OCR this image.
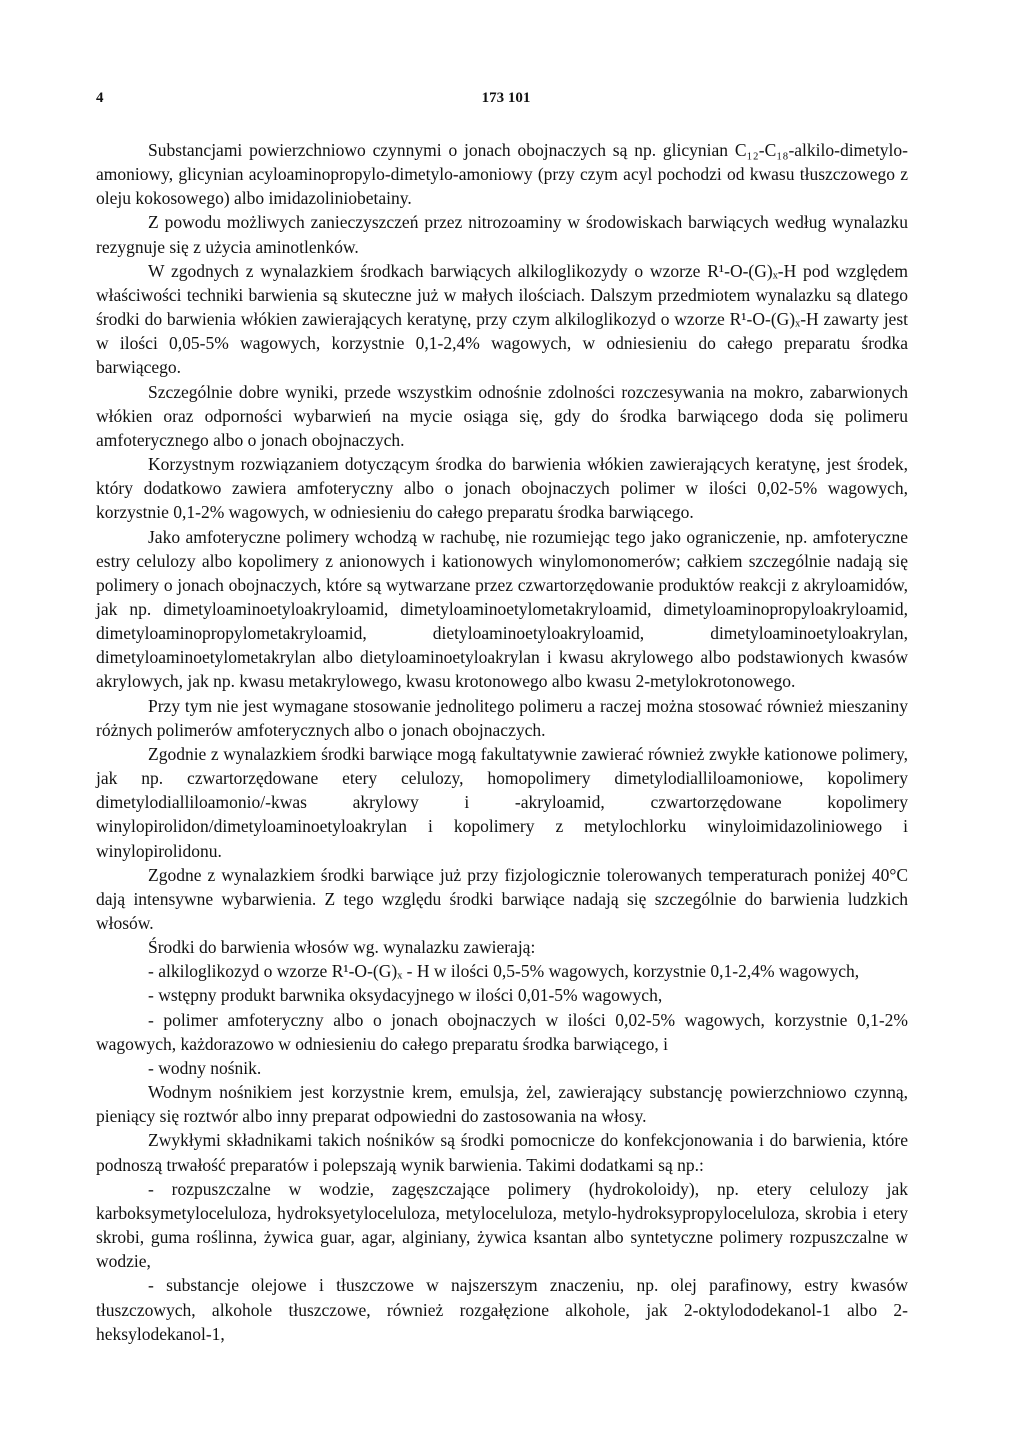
4	173 101

Substancjami powierzchniowo czynnymi o jonach obojnaczych są np. glicynian C₁₂-C₁₈-alkilo-dimetylo-amoniowy, glicynian acyloaminopropylo-dimetylo-amoniowy (przy czym acyl pochodzi od kwasu tłuszczowego z oleju kokosowego) albo imidazoliniobetainy.

Z powodu możliwych zanieczyszczeń przez nitrozoaminy w środowiskach barwiących według wynalazku rezygnuje się z użycia aminotlenków.

W zgodnych z wynalazkiem środkach barwiących alkiloglikozydy o wzorze R¹-O-(G)ₓ-H pod względem właściwości techniki barwienia są skuteczne już w małych ilościach. Dalszym przedmiotem wynalazku są dlatego środki do barwienia włókien zawierających keratynę, przy czym alkiloglikozyd o wzorze R¹-O-(G)ₓ-H zawarty jest w ilości 0,05-5% wagowych, korzystnie 0,1-2,4% wagowych, w odniesieniu do całego preparatu środka barwiącego.

Szczególnie dobre wyniki, przede wszystkim odnośnie zdolności rozczesywania na mokro, zabarwionych włókien oraz odporności wybarwień na mycie osiąga się, gdy do środka barwiącego doda się polimeru amfoterycznego albo o jonach obojnaczych.

Korzystnym rozwiązaniem dotyczącym środka do barwienia włókien zawierających keratynę, jest środek, który dodatkowo zawiera amfoteryczny albo o jonach obojnaczych polimer w ilości 0,02-5% wagowych, korzystnie 0,1-2% wagowych, w odniesieniu do całego preparatu środka barwiącego.

Jako amfoteryczne polimery wchodzą w rachubę, nie rozumiejąc tego jako ograniczenie, np. amfoteryczne estry celulozy albo kopolimery z anionowych i kationowych winylomonomerów; całkiem szczególnie nadają się polimery o jonach obojnaczych, które są wytwarzane przez czwartorzędowanie produktów reakcji z akryloamidów, jak np. dimetyloaminoetyloakryloamid, dimetyloaminoetylometakryloamid, dimetyloaminopropyloakryloamid, dimetyloaminopropylometakryloamid, dietyloaminoetyloakryloamid, dimetyloaminoetyloakrylan, dimetyloaminoetylometakrylan albo dietyloaminoetyloakrylan i kwasu akrylowego albo podstawionych kwasów akrylowych, jak np. kwasu metakrylowego, kwasu krotonowego albo kwasu 2-metylokrotonowego.

Przy tym nie jest wymagane stosowanie jednolitego polimeru a raczej można stosować również mieszaniny różnych polimerów amfoterycznych albo o jonach obojnaczych.

Zgodnie z wynalazkiem środki barwiące mogą fakultatywnie zawierać również zwykłe kationowe polimery, jak np. czwartorzędowane etery celulozy, homopolimery dimetylodialliloamoniowe, kopolimery dimetylodialliloamonio/-kwas akrylowy i -akryloamid, czwartorzędowane kopolimery winylopirolidon/dimetyloaminoetyloakrylan i kopolimery z metylochlorku winyloimidazoliniowego i winylopirolidonu.

Zgodne z wynalazkiem środki barwiące już przy fizjologicznie tolerowanych temperaturach poniżej 40°C dają intensywne wybarwienia. Z tego względu środki barwiące nadają się szczególnie do barwienia ludzkich włosów.

Środki do barwienia włosów wg. wynalazku zawierają:

- alkiloglikozyd o wzorze R¹-O-(G)ₓ - H w ilości 0,5-5% wagowych, korzystnie 0,1-2,4% wagowych,

- wstępny produkt barwnika oksydacyjnego w ilości 0,01-5% wagowych,

- polimer amfoteryczny albo o jonach obojnaczych w ilości 0,02-5% wagowych, korzystnie 0,1-2% wagowych, każdorazowo w odniesieniu do całego preparatu środka barwiącego, i

- wodny nośnik.

Wodnym nośnikiem jest korzystnie krem, emulsja, żel, zawierający substancję powierzchniowo czynną, pieniący się roztwór albo inny preparat odpowiedni do zastosowania na włosy.

Zwykłymi składnikami takich nośników są środki pomocnicze do konfekcjonowania i do barwienia, które podnoszą trwałość preparatów i polepszają wynik barwienia. Takimi dodatkami są np.:

- rozpuszczalne w wodzie, zagęszczające polimery (hydrokoloidy), np. etery celulozy jak karboksymetyloceluloza, hydroksyetyloceluloza, metyloceluloza, metylo-hydroksypropyloceluloza, skrobia i etery skrobi, guma roślinna, żywica guar, agar, alginiany, żywica ksantan albo syntetyczne polimery rozpuszczalne w wodzie,

- substancje olejowe i tłuszczowe w najszerszym znaczeniu, np. olej parafinowy, estry kwasów tłuszczowych, alkohole tłuszczowe, również rozgałęzione alkohole, jak 2-oktylododekanol-1 albo 2-heksylodekanol-1,
